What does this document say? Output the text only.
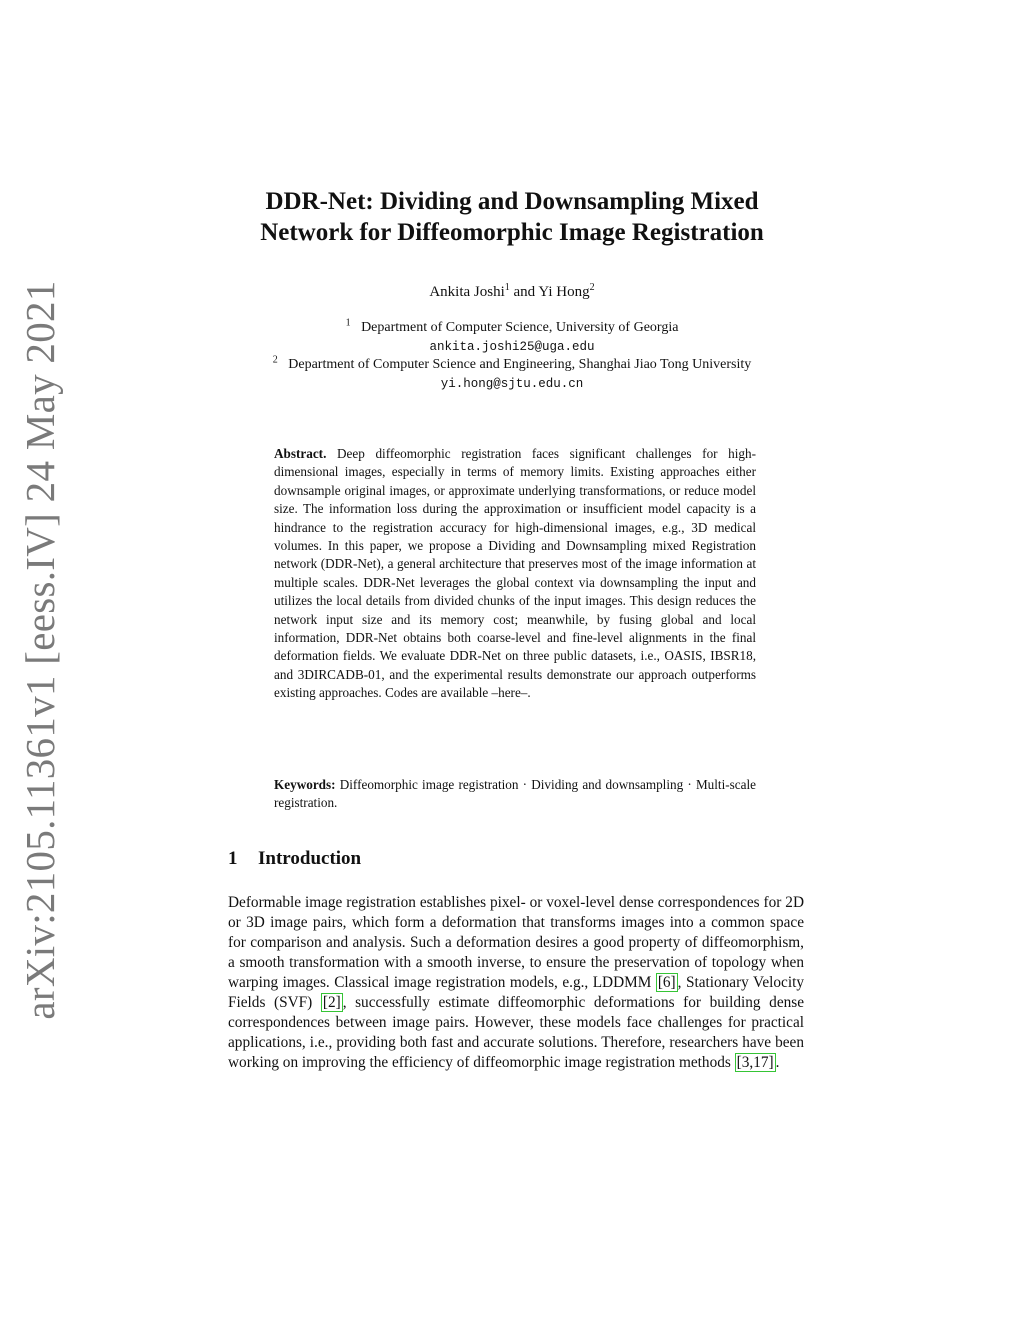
arXiv:2105.11361v1 [eess.IV] 24 May 2021
DDR-Net: Dividing and Downsampling Mixed
Network for Diffeomorphic Image Registration
Ankita Joshi$^1$ and Yi Hong$^2$
$^1$ Department of Computer Science, University of Georgia
ankita.joshi25@uga.edu
$^2$ Department of Computer Science and Engineering, Shanghai Jiao Tong University
yi.hong@sjtu.edu.cn
Abstract. Deep diffeomorphic registration faces significant challenges for high-dimensional images, especially in terms of memory limits. Existing approaches either downsample original images, or approximate underlying transformations, or reduce model size. The information loss during the approximation or insufficient model capacity is a hindrance to the registration accuracy for high-dimensional images, e.g., 3D medical volumes. In this paper, we propose a Dividing and Downsampling mixed Registration network (DDR-Net), a general architecture that preserves most of the image information at multiple scales. DDR-Net leverages the global context via downsampling the input and utilizes the local details from divided chunks of the input images. This design reduces the network input size and its memory cost; meanwhile, by fusing global and local information, DDR-Net obtains both coarse-level and fine-level alignments in the final deformation fields. We evaluate DDR-Net on three public datasets, i.e., OASIS, IBSR18, and 3DIRCADB-01, and the experimental results demonstrate our approach outperforms existing approaches. Codes are available –here–.
Keywords: Diffeomorphic image registration · Dividing and downsampling · Multi-scale registration.
1 Introduction
Deformable image registration establishes pixel- or voxel-level dense correspondences for 2D or 3D image pairs, which form a deformation that transforms images into a common space for comparison and analysis. Such a deformation desires a good property of diffeomorphism, a smooth transformation with a smooth inverse, to ensure the preservation of topology when warping images. Classical image registration models, e.g., LDDMM [6] , Stationary Velocity Fields (SVF) [2] , successfully estimate diffeomorphic deformations for building dense correspondences between image pairs. However, these models face challenges for practical applications, i.e., providing both fast and accurate solutions. Therefore, researchers have been working on improving the efficiency of diffeomorphic image registration methods [3,17] .
